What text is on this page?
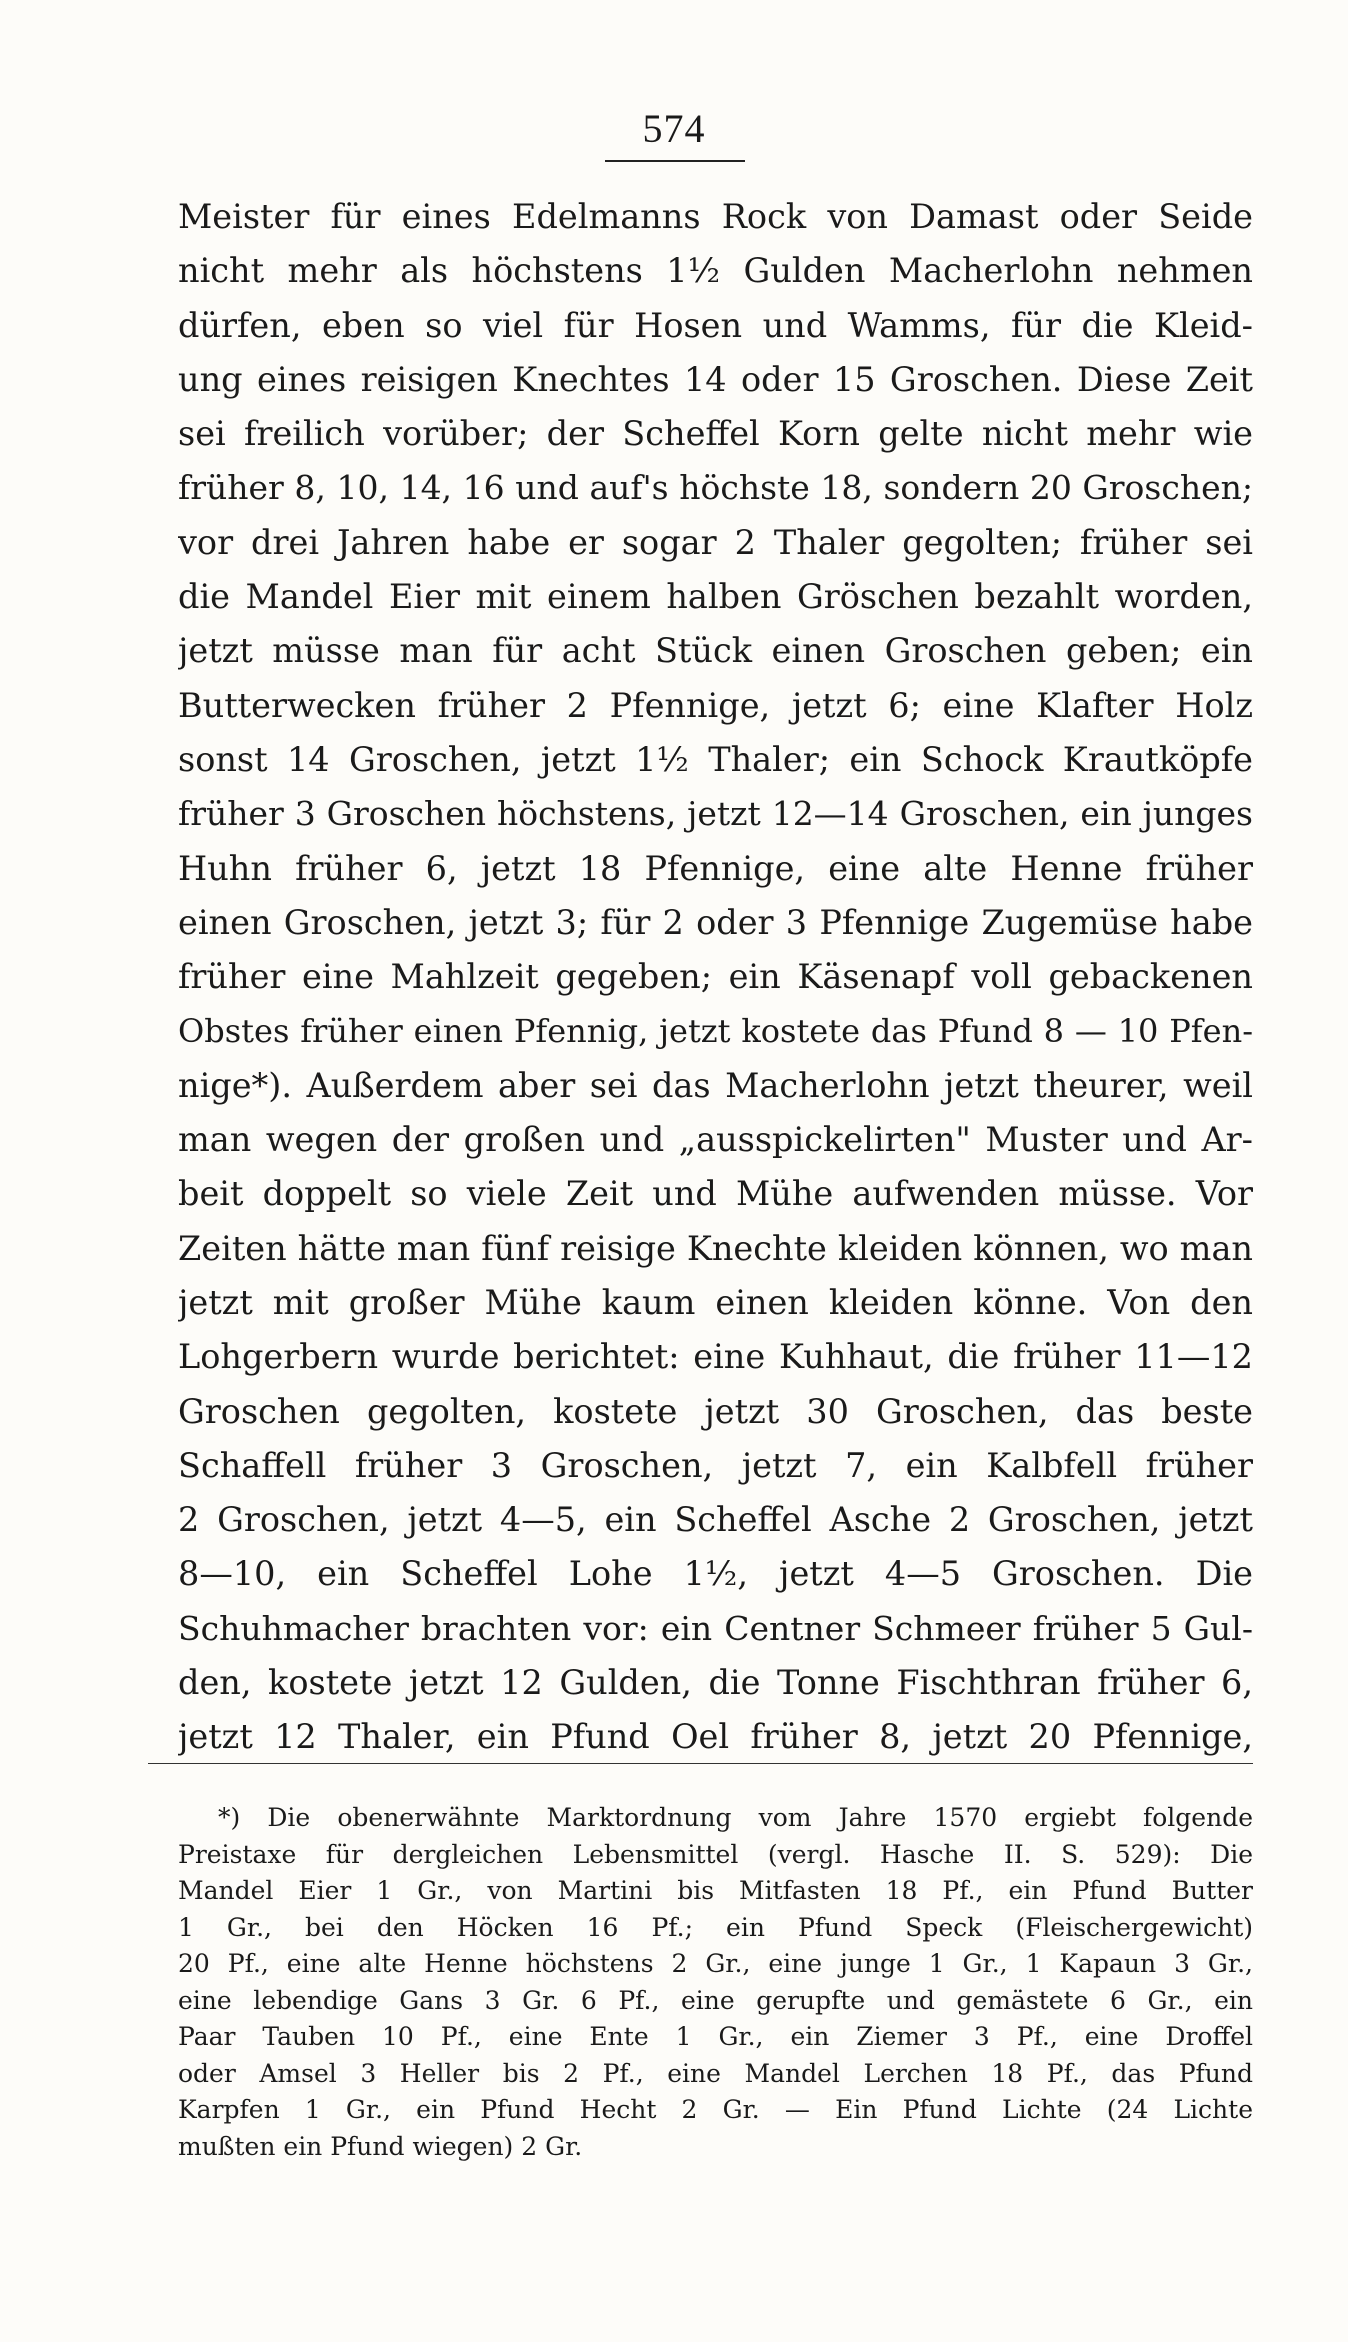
574
Meister für eines Edelmanns Rock von Damast oder Seide
nicht mehr als höchstens 1½ Gulden Macherlohn nehmen
dürfen, eben so viel für Hosen und Wamms, für die Kleid-
ung eines reisigen Knechtes 14 oder 15 Groschen. Diese Zeit
sei freilich vorüber; der Scheffel Korn gelte nicht mehr wie
früher 8, 10, 14, 16 und auf's höchste 18, sondern 20 Groschen;
vor drei Jahren habe er sogar 2 Thaler gegolten; früher sei
die Mandel Eier mit einem halben Gröschen bezahlt worden,
jetzt müsse man für acht Stück einen Groschen geben; ein
Butterwecken früher 2 Pfennige, jetzt 6; eine Klafter Holz
sonst 14 Groschen, jetzt 1½ Thaler; ein Schock Krautköpfe
früher 3 Groschen höchstens, jetzt 12—14 Groschen, ein junges
Huhn früher 6, jetzt 18 Pfennige, eine alte Henne früher
einen Groschen, jetzt 3; für 2 oder 3 Pfennige Zugemüse habe
früher eine Mahlzeit gegeben; ein Käsenapf voll gebackenen
Obstes früher einen Pfennig, jetzt kostete das Pfund 8 — 10 Pfen-
nige*). Außerdem aber sei das Macherlohn jetzt theurer, weil
man wegen der großen und „ausspickelirten" Muster und Ar-
beit doppelt so viele Zeit und Mühe aufwenden müsse. Vor
Zeiten hätte man fünf reisige Knechte kleiden können, wo man
jetzt mit großer Mühe kaum einen kleiden könne. Von den
Lohgerbern wurde berichtet: eine Kuhhaut, die früher 11—12
Groschen gegolten, kostete jetzt 30 Groschen, das beste
Schaffell früher 3 Groschen, jetzt 7, ein Kalbfell früher
2 Groschen, jetzt 4—5, ein Scheffel Asche 2 Groschen, jetzt
8—10, ein Scheffel Lohe 1½, jetzt 4—5 Groschen. Die
Schuhmacher brachten vor: ein Centner Schmeer früher 5 Gul-
den, kostete jetzt 12 Gulden, die Tonne Fischthran früher 6,
jetzt 12 Thaler, ein Pfund Oel früher 8, jetzt 20 Pfennige,
*) Die obenerwähnte Marktordnung vom Jahre 1570 ergiebt folgende
Preistaxe für dergleichen Lebensmittel (vergl. Hasche II. S. 529): Die
Mandel Eier 1 Gr., von Martini bis Mitfasten 18 Pf., ein Pfund Butter
1 Gr., bei den Höcken 16 Pf.; ein Pfund Speck (Fleischergewicht)
20 Pf., eine alte Henne höchstens 2 Gr., eine junge 1 Gr., 1 Kapaun 3 Gr.,
eine lebendige Gans 3 Gr. 6 Pf., eine gerupfte und gemästete 6 Gr., ein
Paar Tauben 10 Pf., eine Ente 1 Gr., ein Ziemer 3 Pf., eine Droffel
oder Amsel 3 Heller bis 2 Pf., eine Mandel Lerchen 18 Pf., das Pfund
Karpfen 1 Gr., ein Pfund Hecht 2 Gr. — Ein Pfund Lichte (24 Lichte
mußten ein Pfund wiegen) 2 Gr.
